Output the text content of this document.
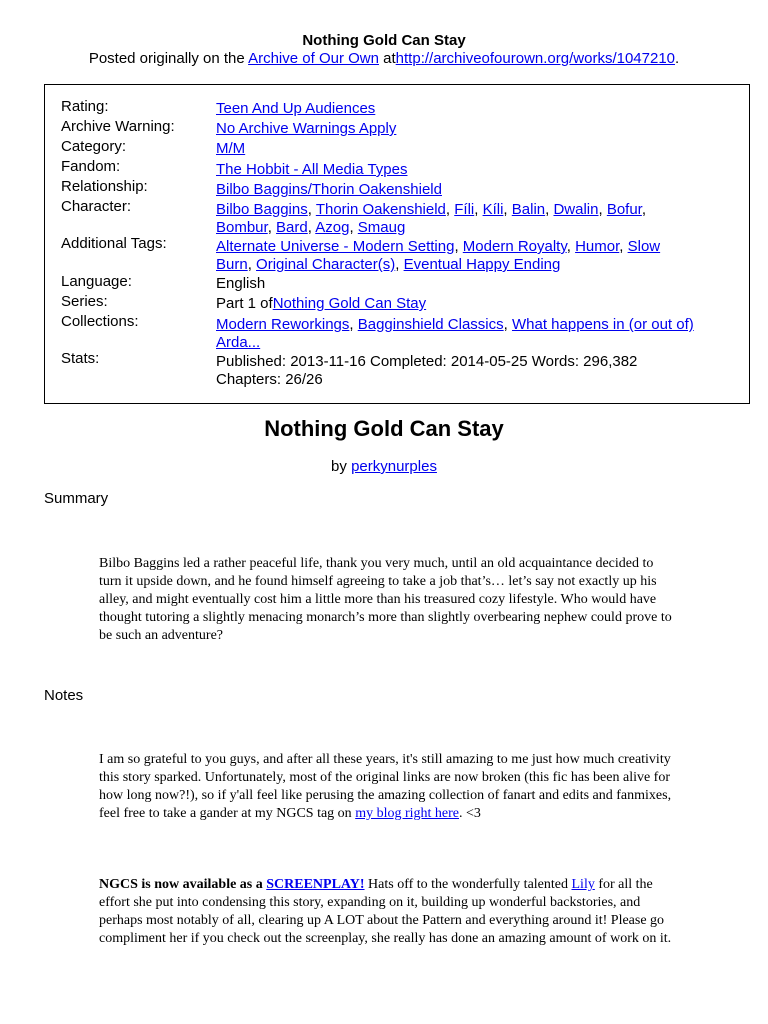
Nothing Gold Can Stay
Posted originally on the Archive of Our Own athttp://archiveofourown.org/works/1047210.
Rating:	Teen And Up Audiences
Archive Warning:	No Archive Warnings Apply
Category:	M/M
Fandom:	The Hobbit - All Media Types
Relationship:	Bilbo Baggins/Thorin Oakenshield
Character:	Bilbo Baggins, Thorin Oakenshield, Fíli, Kíli, Balin, Dwalin, Bofur, Bombur, Bard, Azog, Smaug
Additional Tags:	Alternate Universe - Modern Setting, Modern Royalty, Humor, Slow Burn, Original Character(s), Eventual Happy Ending
Language:	English
Series:	Part 1 ofNothing Gold Can Stay
Collections:	Modern Reworkings, Bagginshield Classics, What happens in (or out of) Arda...
Stats:	Published: 2013-11-16 Completed: 2014-05-25 Words: 296,382
Chapters: 26/26
Nothing Gold Can Stay
by perkynurples
Summary
Bilbo Baggins led a rather peaceful life, thank you very much, until an old acquaintance decided to turn it upside down, and he found himself agreeing to take a job that’s… let’s say not exactly up his alley, and might eventually cost him a little more than his treasured cozy lifestyle. Who would have thought tutoring a slightly menacing monarch’s more than slightly overbearing nephew could prove to be such an adventure?
Notes
I am so grateful to you guys, and after all these years, it's still amazing to me just how much creativity this story sparked. Unfortunately, most of the original links are now broken (this fic has been alive for how long now?!), so if y'all feel like perusing the amazing collection of fanart and edits and fanmixes, feel free to take a gander at my NGCS tag on my blog right here. <3
NGCS is now available as a SCREENPLAY! Hats off to the wonderfully talented Lily for all the effort she put into condensing this story, expanding on it, building up wonderful backstories, and perhaps most notably of all, clearing up A LOT about the Pattern and everything around it! Please go compliment her if you check out the screenplay, she really has done an amazing amount of work on it.
